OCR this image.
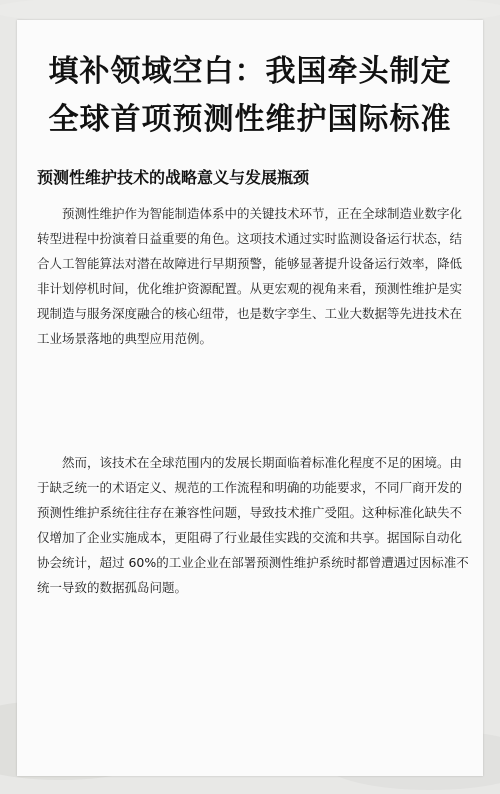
填补领域空白：我国牵头制定
全球首项预测性维护国际标准
预测性维护技术的战略意义与发展瓶颈

预测性维护作为智能制造体系中的关键技术环节，正在全球制造业数字化
转型进程中扮演着日益重要的角色。这项技术通过实时监测设备运行状态，结
合人工智能算法对潜在故障进行早期预警，能够显著提升设备运行效率，降低
非计划停机时间，优化维护资源配置。从更宏观的视角来看，预测性维护是实
现制造与服务深度融合的核心纽带，也是数字孪生、工业大数据等先进技术在
工业场景落地的典型应用范例。

然而，该技术在全球范围内的发展长期面临着标准化程度不足的困境。由
于缺乏统一的术语定义、规范的工作流程和明确的功能要求，不同厂商开发的
预测性维护系统往往存在兼容性问题，导致技术推广受阻。这种标准化缺失不
仅增加了企业实施成本，更阻碍了行业最佳实践的交流和共享。据国际自动化
协会统计，超过 60%的工业企业在部署预测性维护系统时都曾遭遇过因标准不
统一导致的数据孤岛问题。
